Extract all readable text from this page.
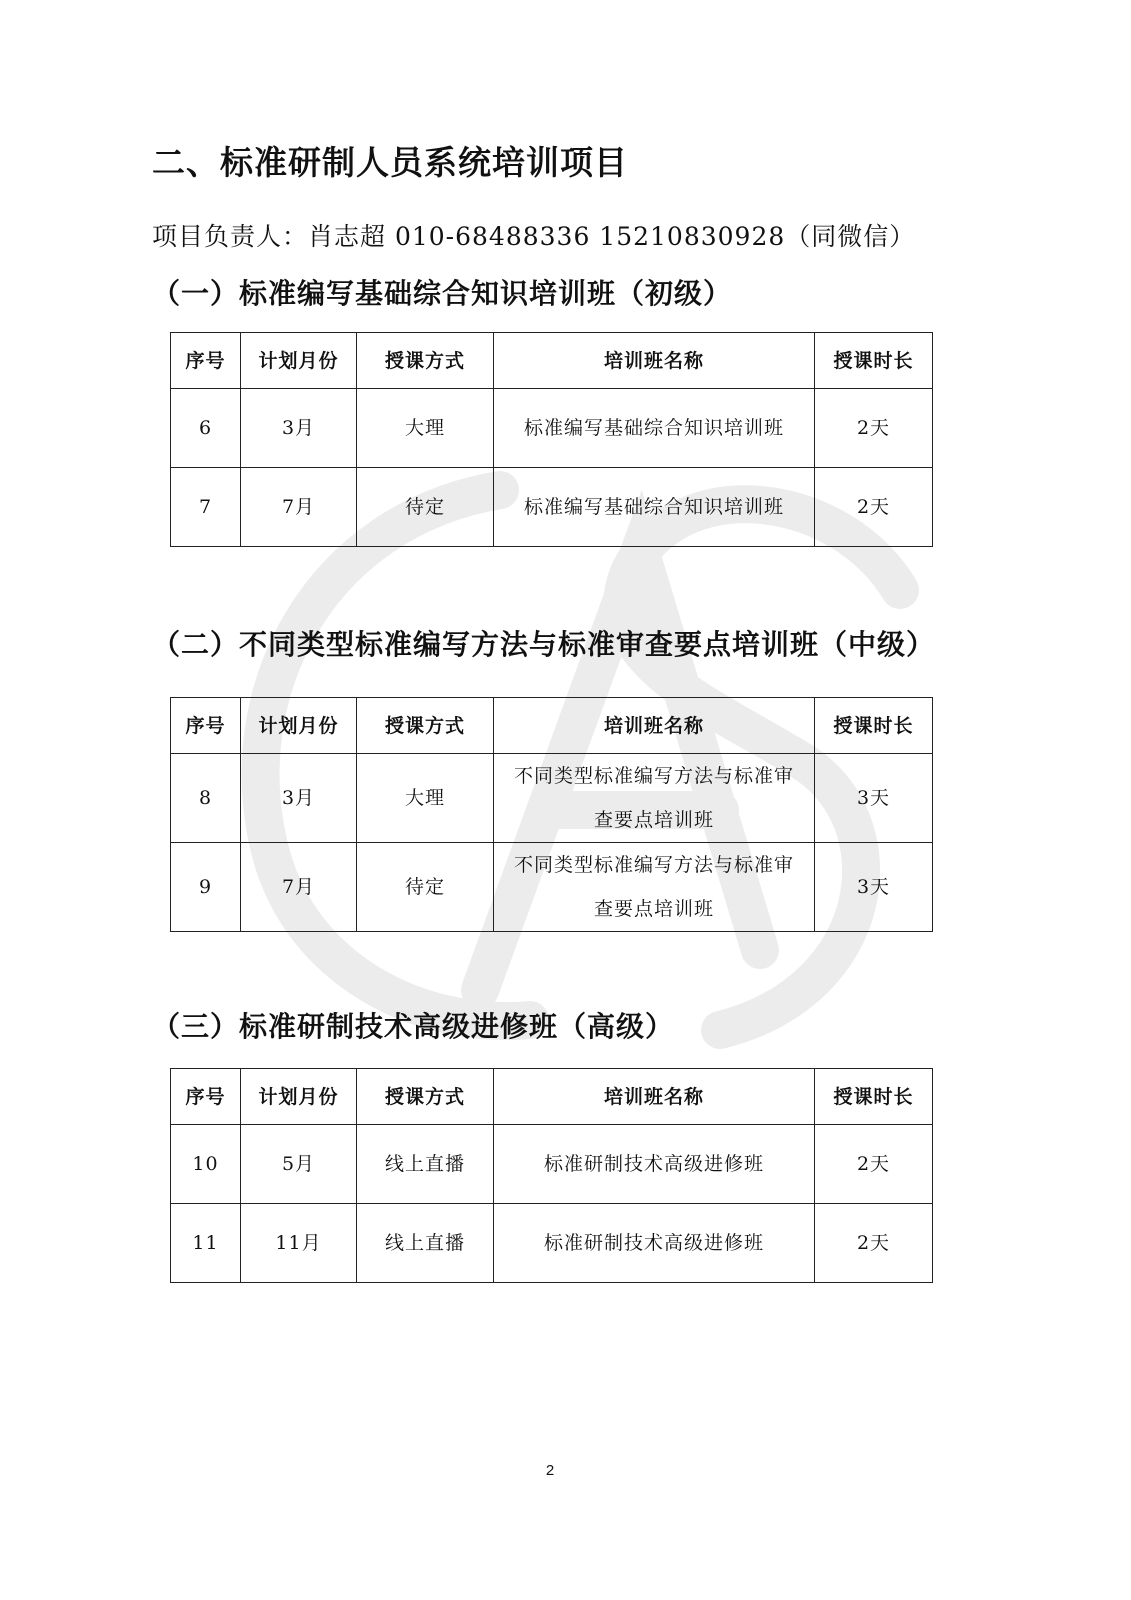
二、标准研制人员系统培训项目
项目负责人：肖志超 010-68488336 15210830928（同微信）
（一）标准编写基础综合知识培训班（初级）
序号	计划月份	授课方式	培训班名称	授课时长
6	3月	大理	标准编写基础综合知识培训班	2天
7	7月	待定	标准编写基础综合知识培训班	2天
（二）不同类型标准编写方法与标准审查要点培训班（中级）
序号	计划月份	授课方式	培训班名称	授课时长
8	3月	大理	不同类型标准编写方法与标准审查要点培训班	3天
9	7月	待定	不同类型标准编写方法与标准审查要点培训班	3天
（三）标准研制技术高级进修班（高级）
序号	计划月份	授课方式	培训班名称	授课时长
10	5月	线上直播	标准研制技术高级进修班	2天
11	11月	线上直播	标准研制技术高级进修班	2天
2
